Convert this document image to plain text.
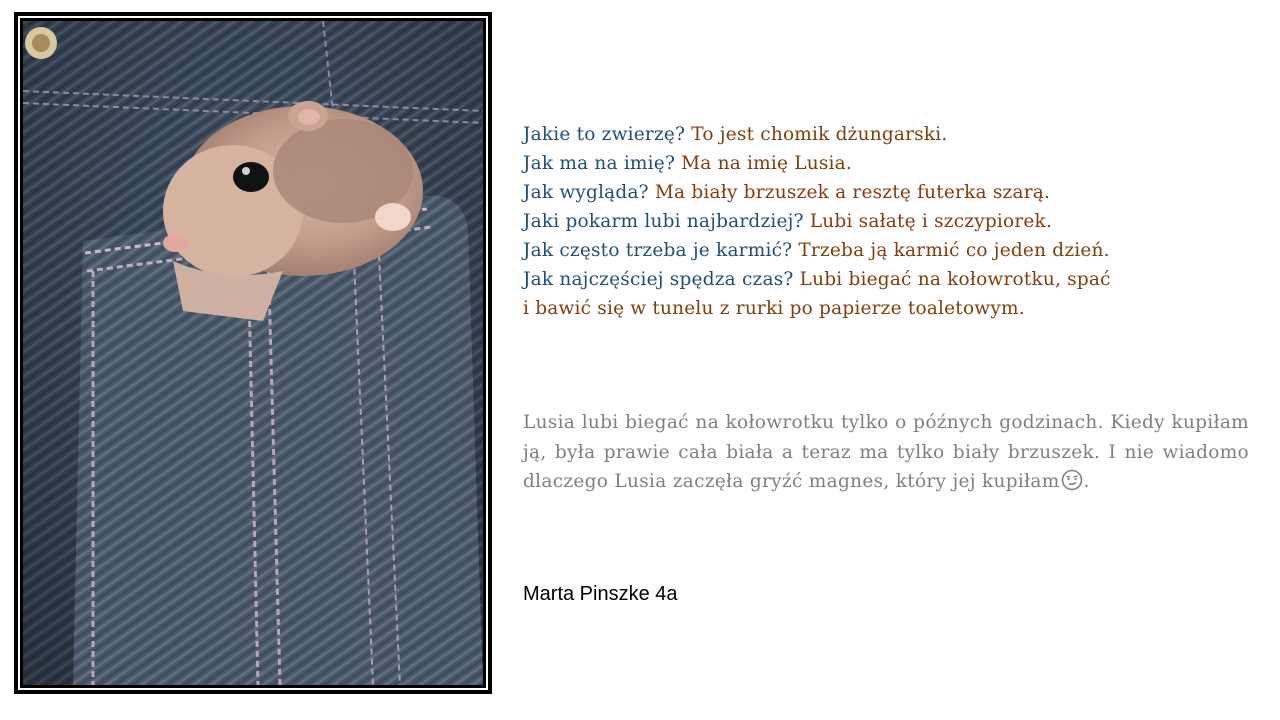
Jakie to zwierzę? To jest chomik dżungarski.
Jak ma na imię? Ma na imię Lusia.
Jak wygląda? Ma biały brzuszek a resztę futerka szarą.
Jaki pokarm lubi najbardziej? Lubi sałatę i szczypiorek.
Jak często trzeba je karmić? Trzeba ją karmić co jeden dzień.
Jak najczęściej spędza czas? Lubi biegać na kołowrotku, spać
i bawić się w tunelu z rurki po papierze toaletowym.
Lusia lubi biegać na kołowrotku tylko o późnych godzinach. Kiedy kupiłam ją, była prawie cała biała a teraz ma tylko biały brzuszek. I nie wiadomo dlaczego Lusia zaczęła gryźć magnes, który jej kupiłam .
Marta Pinszke 4a
